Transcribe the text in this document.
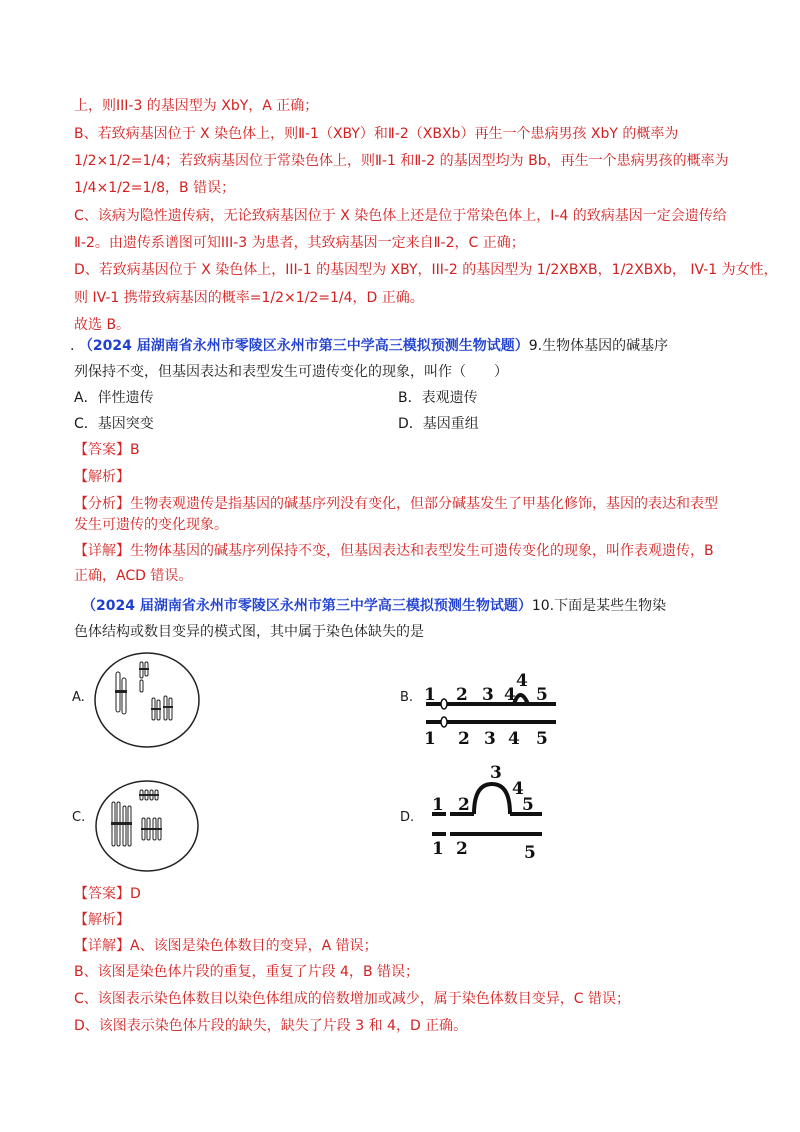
上，则III-3 的基因型为 XbY，A 正确；
B、若致病基因位于 X 染色体上，则Ⅱ-1（XBY）和Ⅱ-2（XBXb）再生一个患病男孩 XbY 的概率为
1/2×1/2=1/4；若致病基因位于常染色体上，则Ⅱ-1 和Ⅱ-2 的基因型均为 Bb，再生一个患病男孩的概率为
1/4×1/2=1/8，B 错误；
C、该病为隐性遗传病，无论致病基因位于 X 染色体上还是位于常染色体上，I-4 的致病基因一定会遗传给
Ⅱ-2。由遗传系谱图可知III-3 为患者，其致病基因一定来自Ⅱ-2，C 正确；
D、若致病基因位于 X 染色体上，III-1 的基因型为 XBY，III-2 的基因型为 1/2XBXB，1/2XBXb， IV-1 为女性，
则 IV-1 携带致病基因的概率=1/2×1/2=1/4，D 正确。
故选 B。
. （2024 届湖南省永州市零陵区永州市第三中学高三模拟预测生物试题）9.生物体基因的碱基序
列保持不变，但基因表达和表型发生可遗传变化的现象，叫作（　　）
A．伴性遗传	B．表观遗传
C．基因突变	D．基因重组
【答案】B
【解析】
【分析】生物表观遗传是指基因的碱基序列没有变化，但部分碱基发生了甲基化修饰，基因的表达和表型
发生可遗传的变化现象。
【详解】生物体基因的碱基序列保持不变，但基因表达和表型发生可遗传变化的现象，叫作表观遗传，B
正确，ACD 错误。
（2024 届湖南省永州市零陵区永州市第三中学高三模拟预测生物试题）10.下面是某些生物染
色体结构或数目变异的模式图，其中属于染色体缺失的是
A.	B.
C.	D.
1 2 3 4
4
5
1 2 3 4 5
1 2
3
4
5
1 2	5
【答案】D
【解析】
【详解】A、该图是染色体数目的变异，A 错误；
B、该图是染色体片段的重复，重复了片段 4，B 错误；
C、该图表示染色体数目以染色体组成的倍数增加或减少，属于染色体数目变异，C 错误；
D、该图表示染色体片段的缺失，缺失了片段 3 和 4，D 正确。
